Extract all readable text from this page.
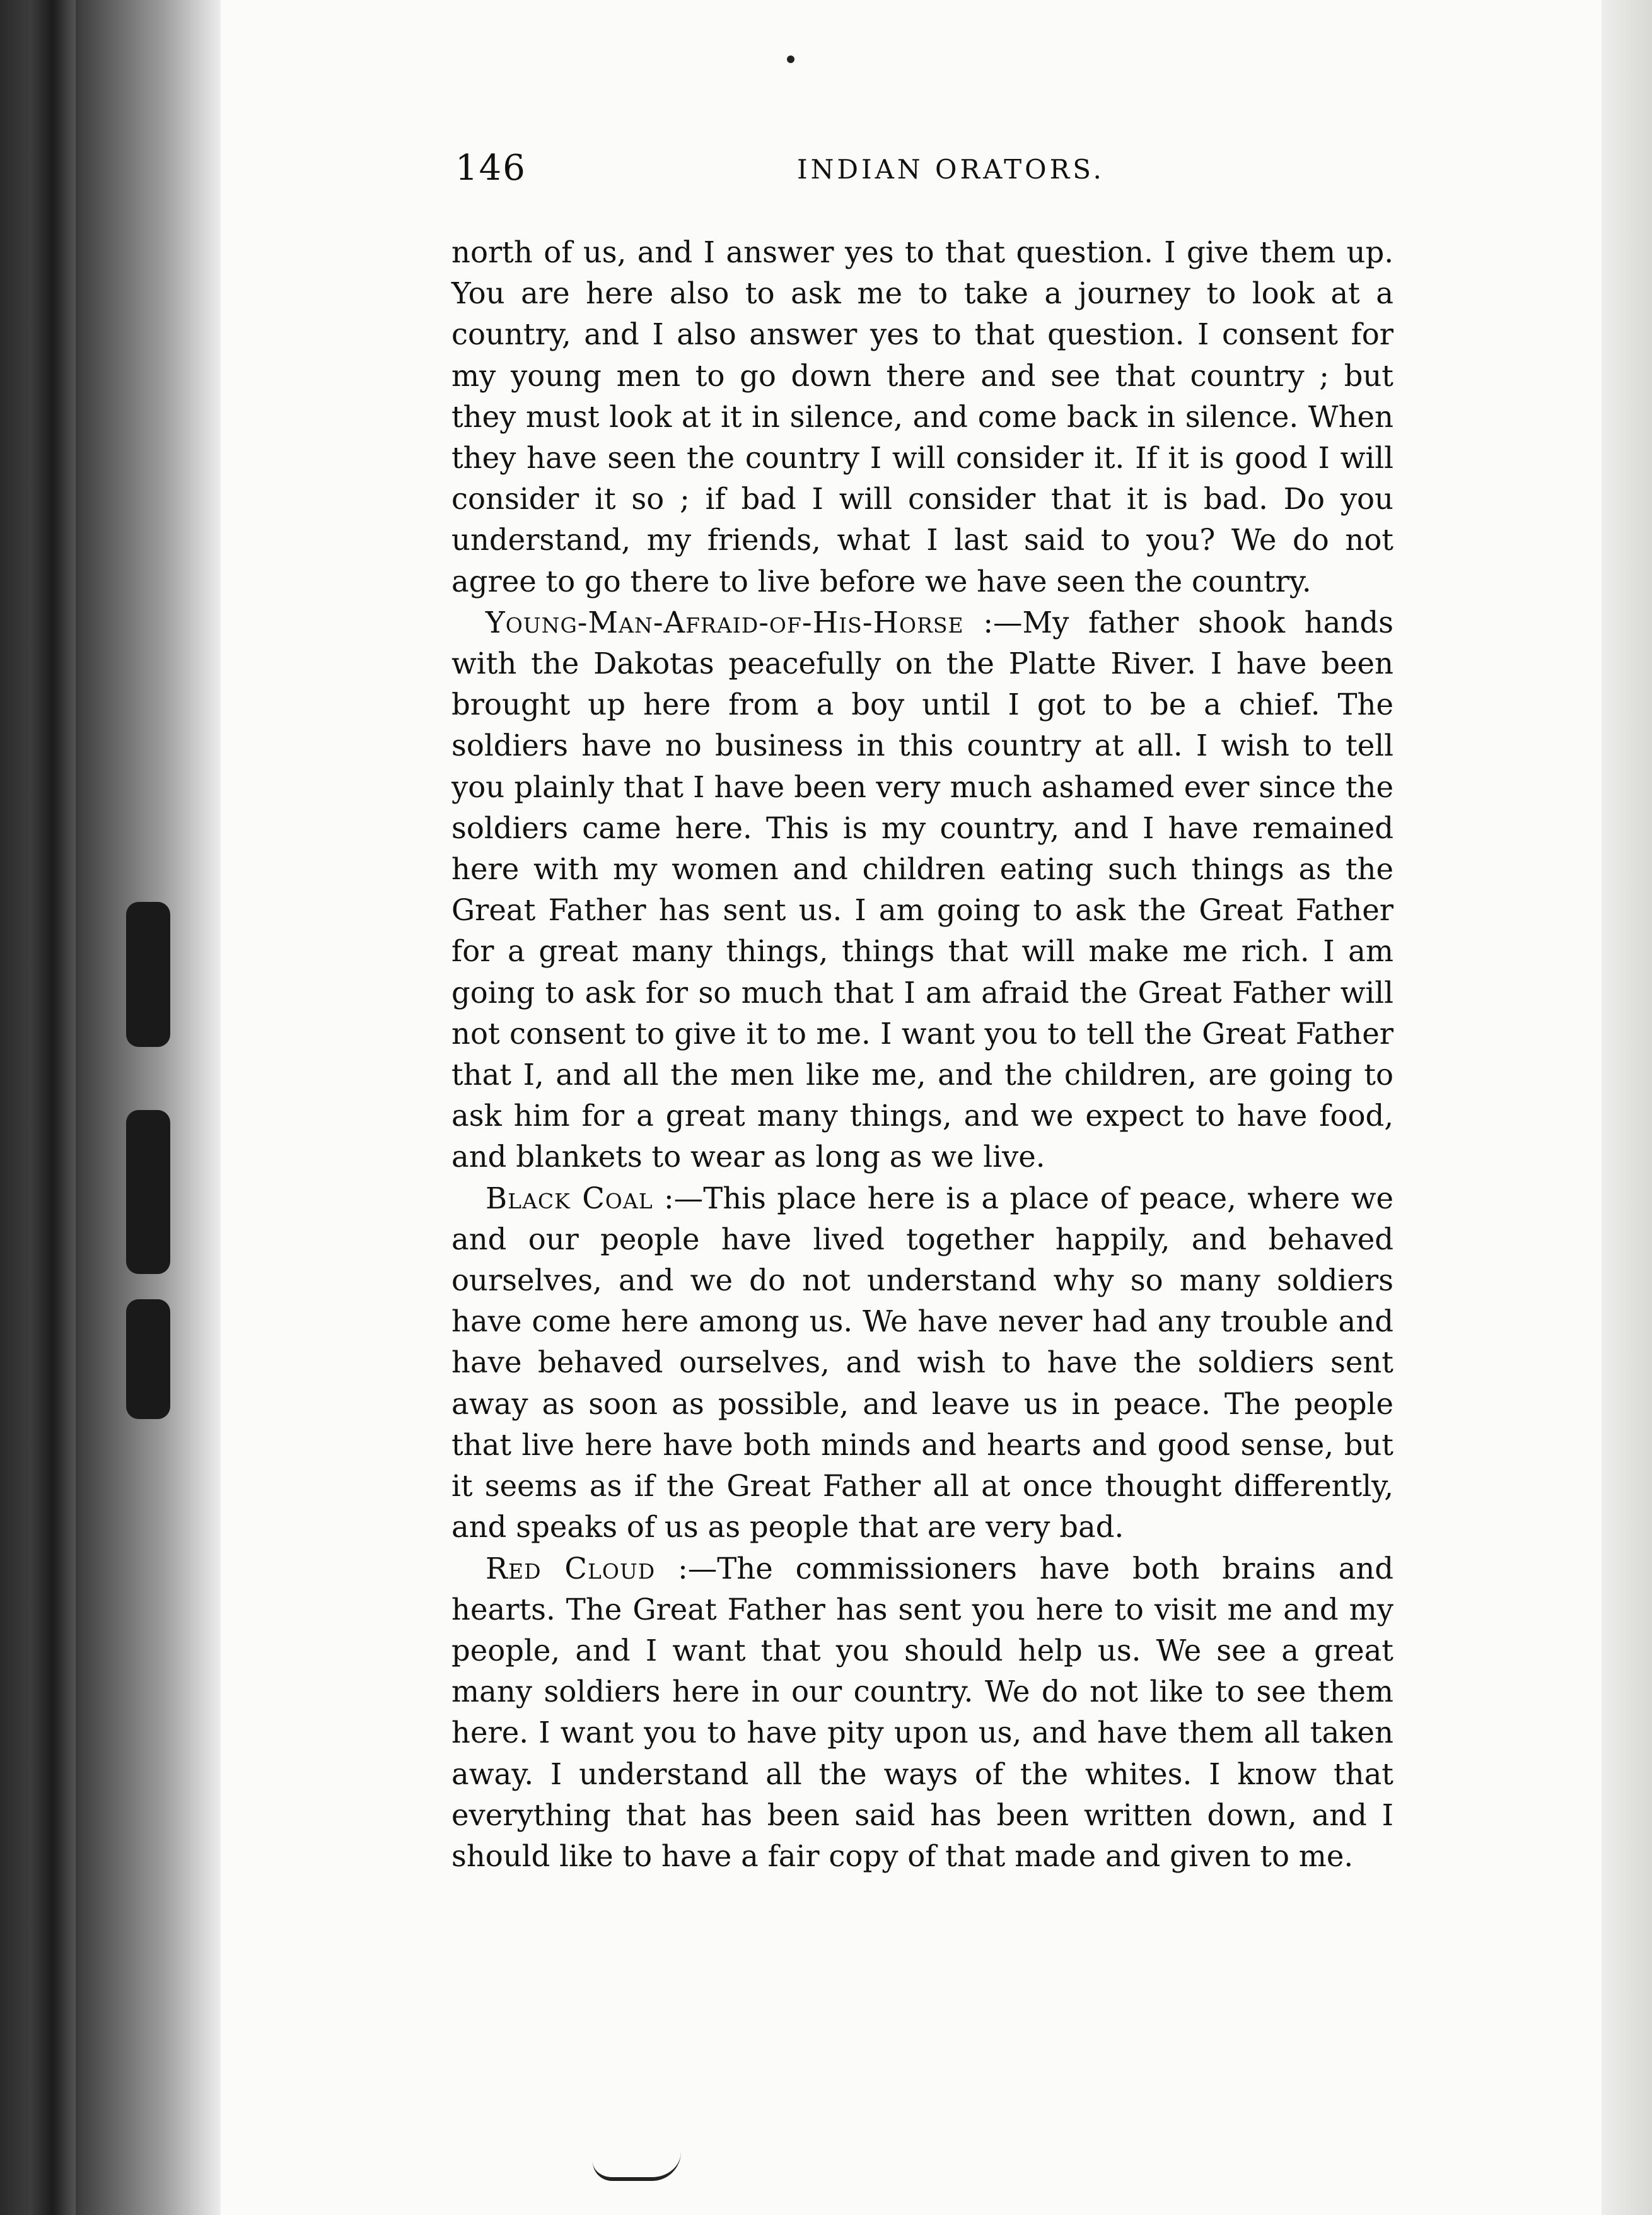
146	INDIAN ORATORS.

north of us, and I answer yes to that question. I give them up. You are here also to ask me to take a journey to look at a country, and I also answer yes to that question. I consent for my young men to go down there and see that country ; but they must look at it in silence, and come back in silence. When they have seen the country I will consider it. If it is good I will consider it so ; if bad I will consider that it is bad. Do you understand, my friends, what I last said to you? We do not agree to go there to live before we have seen the country.

Young-Man-Afraid-of-His-Horse :—My father shook hands with the Dakotas peacefully on the Platte River. I have been brought up here from a boy until I got to be a chief. The soldiers have no business in this country at all. I wish to tell you plainly that I have been very much ashamed ever since the soldiers came here. This is my country, and I have remained here with my women and children eating such things as the Great Father has sent us. I am going to ask the Great Father for a great many things, things that will make me rich. I am going to ask for so much that I am afraid the Great Father will not consent to give it to me. I want you to tell the Great Father that I, and all the men like me, and the children, are going to ask him for a great many things, and we expect to have food, and blankets to wear as long as we live.

Black Coal :—This place here is a place of peace, where we and our people have lived together happily, and behaved ourselves, and we do not understand why so many soldiers have come here among us. We have never had any trouble and have behaved ourselves, and wish to have the soldiers sent away as soon as possible, and leave us in peace. The people that live here have both minds and hearts and good sense, but it seems as if the Great Father all at once thought differently, and speaks of us as people that are very bad.

Red Cloud :—The commissioners have both brains and hearts. The Great Father has sent you here to visit me and my people, and I want that you should help us. We see a great many soldiers here in our country. We do not like to see them here. I want you to have pity upon us, and have them all taken away. I understand all the ways of the whites. I know that everything that has been said has been written down, and I should like to have a fair copy of that made and given to me.
